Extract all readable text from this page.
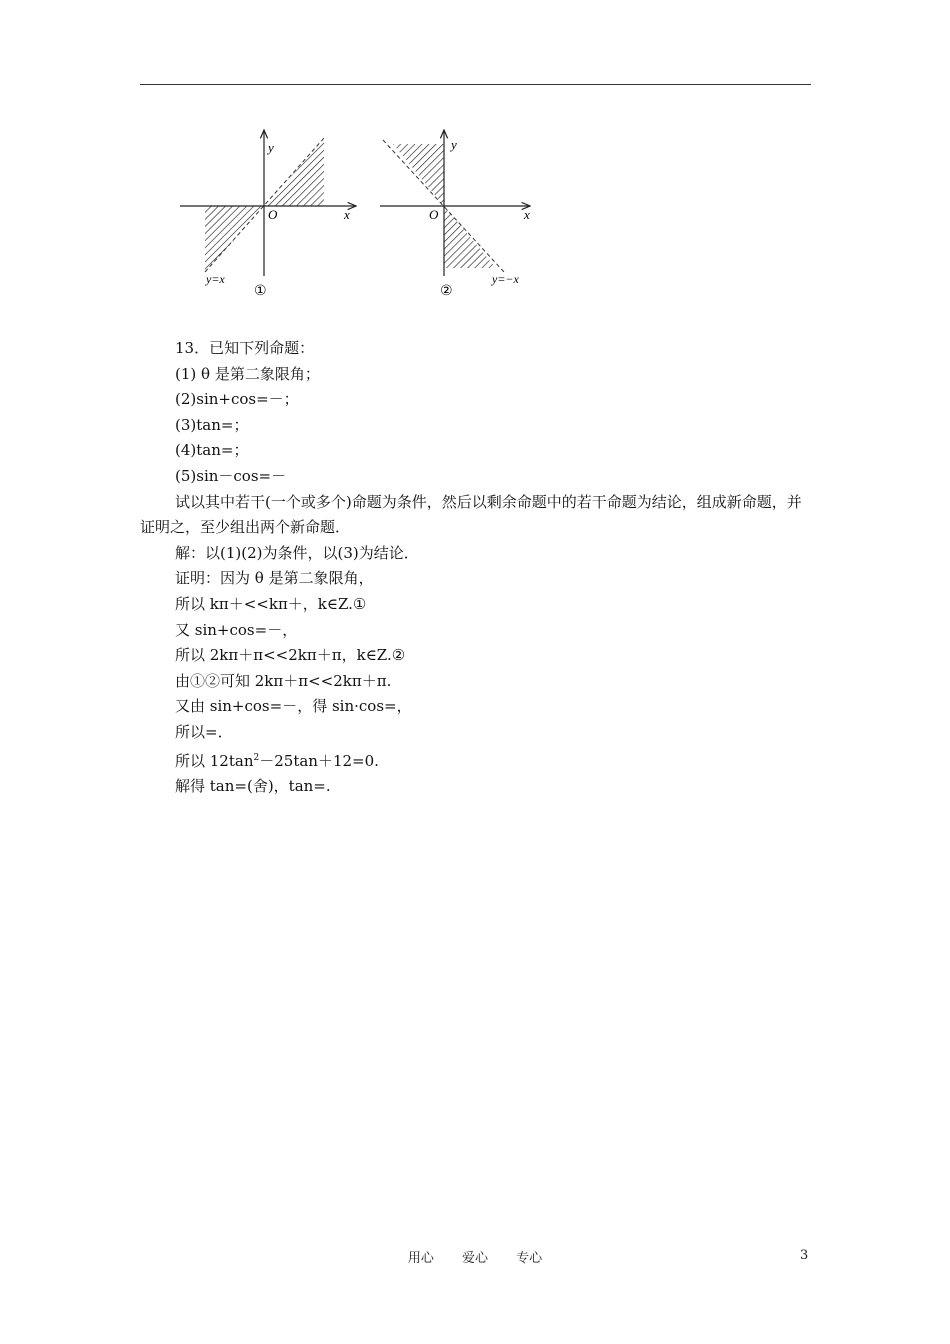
y
x
O
y=x
①
y
x
O
y=−x
②

13．已知下列命题：

(1) θ 是第二象限角；

(2)sin+cos=－；

(3)tan=；

(4)tan=；

(5)sin－cos=－

试以其中若干(一个或多个)命题为条件，然后以剩余命题中的若干命题为结论，组成新命题，并证明之，至少组出两个新命题．

解：以(1)(2)为条件，以(3)为结论．

证明：因为 θ 是第二象限角，

所以 kπ＋<<kπ＋，k∈Z.①

又 sin+cos=－，

所以 2kπ＋π<<2kπ＋π，k∈Z.②

由①②可知 2kπ＋π<<2kπ＋π.

又由 sin+cos=－，得 sin·cos=，

所以=．

所以 $12\tan^2-25\tan+12=0$.

解得 tan=(舍)，tan=.

用心 爱心 专心	3
